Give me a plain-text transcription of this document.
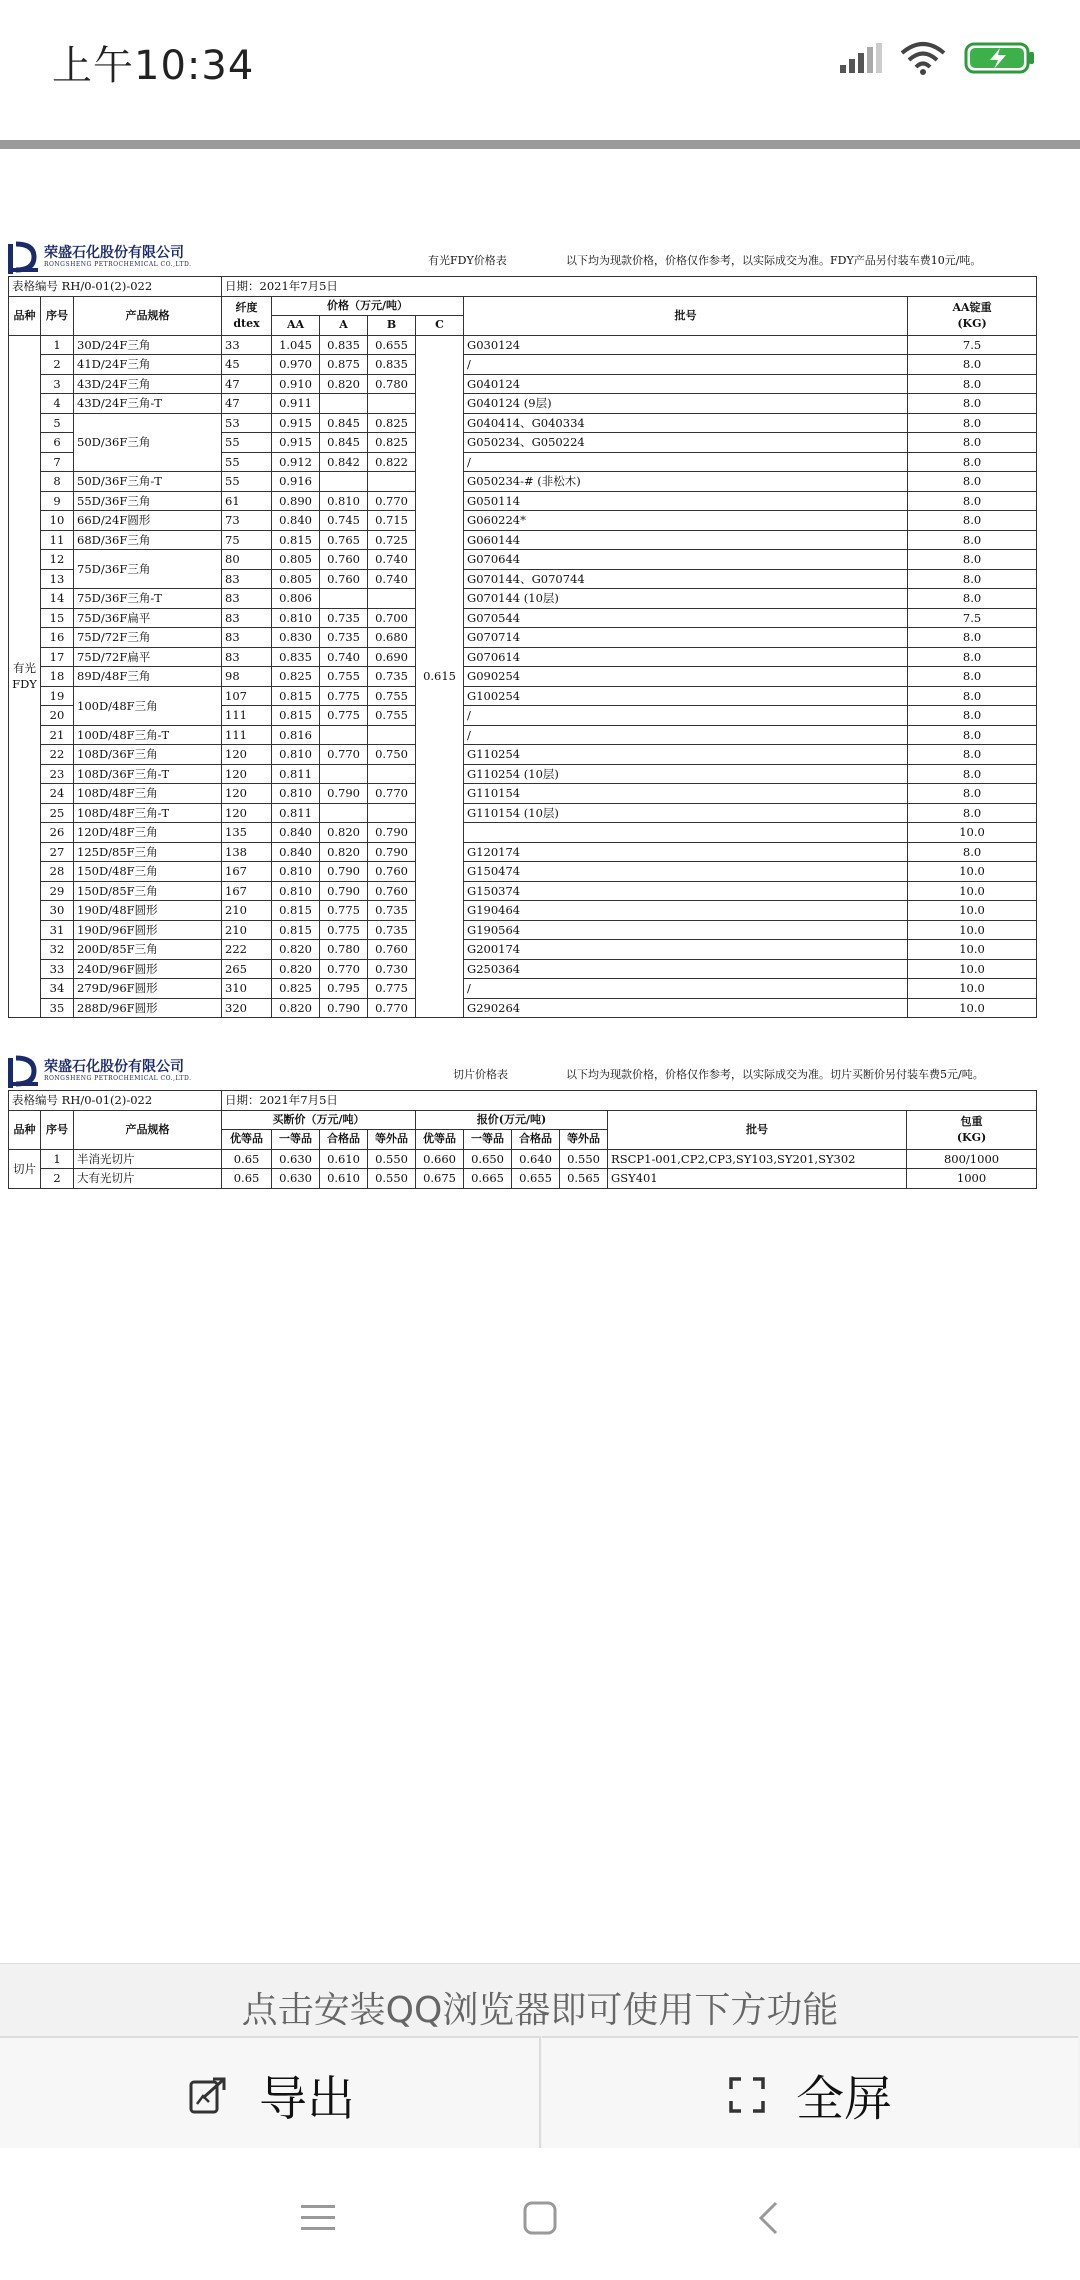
上午10:34
荣盛石化股份有限公司
RONGSHENG PETROCHEMICAL CO.,LTD.	有光FDY价格表	以下均为现款价格，价格仅作参考，以实际成交为准。FDY产品另付装车费10元/吨。
表格编号 RH/0-01(2)-022			日期：2021年7月5日						
品种	序号	产品规格	纤度
dtex	价格（万元/吨）				批号	AA锭重
(KG)
				AA	A	B	C		
有光
FDY	1	30D/24F三角	33	1.045	0.835	0.655	0.615	G030124	7.5
	2	41D/24F三角	45	0.970	0.875	0.835		/	8.0
	3	43D/24F三角	47	0.910	0.820	0.780		G040124	8.0
	4	43D/24F三角-T	47	0.911				G040124 (9层)	8.0
	5	50D/36F三角	53	0.915	0.845	0.825		G040414、G040334	8.0
	6		55	0.915	0.845	0.825		G050234、G050224	8.0
	7		55	0.912	0.842	0.822		/	8.0
	8	50D/36F三角-T	55	0.916				G050234-# (非松木)	8.0
	9	55D/36F三角	61	0.890	0.810	0.770		G050114	8.0
	10	66D/24F圆形	73	0.840	0.745	0.715		G060224*	8.0
	11	68D/36F三角	75	0.815	0.765	0.725		G060144	8.0
	12	75D/36F三角	80	0.805	0.760	0.740		G070644	8.0
	13		83	0.805	0.760	0.740		G070144、G070744	8.0
	14	75D/36F三角-T	83	0.806				G070144 (10层)	8.0
	15	75D/36F扁平	83	0.810	0.735	0.700		G070544	7.5
	16	75D/72F三角	83	0.830	0.735	0.680		G070714	8.0
	17	75D/72F扁平	83	0.835	0.740	0.690		G070614	8.0
	18	89D/48F三角	98	0.825	0.755	0.735		G090254	8.0
	19	100D/48F三角	107	0.815	0.775	0.755		G100254	8.0
	20		111	0.815	0.775	0.755		/	8.0
	21	100D/48F三角-T	111	0.816				/	8.0
	22	108D/36F三角	120	0.810	0.770	0.750		G110254	8.0
	23	108D/36F三角-T	120	0.811				G110254 (10层)	8.0
	24	108D/48F三角	120	0.810	0.790	0.770		G110154	8.0
	25	108D/48F三角-T	120	0.811				G110154 (10层)	8.0
	26	120D/48F三角	135	0.840	0.820	0.790			10.0
	27	125D/85F三角	138	0.840	0.820	0.790		G120174	8.0
	28	150D/48F三角	167	0.810	0.790	0.760		G150474	10.0
	29	150D/85F三角	167	0.810	0.790	0.760		G150374	10.0
	30	190D/48F圆形	210	0.815	0.775	0.735		G190464	10.0
	31	190D/96F圆形	210	0.815	0.775	0.735		G190564	10.0
	32	200D/85F三角	222	0.820	0.780	0.760		G200174	10.0
	33	240D/96F圆形	265	0.820	0.770	0.730		G250364	10.0
	34	279D/96F圆形	310	0.825	0.795	0.775		/	10.0
	35	288D/96F圆形	320	0.820	0.790	0.770		G290264	10.0
荣盛石化股份有限公司
RONGSHENG PETROCHEMICAL CO.,LTD.	切片价格表	以下均为现款价格，价格仅作参考，以实际成交为准。切片买断价另付装车费5元/吨。
表格编号 RH/0-01(2)-022			日期：2021年7月5日									
品种	序号	产品规格	买断价（万元/吨）				报价(万元/吨)				批号	包重
(KG)
			优等品	一等品	合格品	等外品	优等品	一等品	合格品	等外品		
切片	1	半消光切片	0.65	0.630	0.610	0.550	0.660	0.650	0.640	0.550	RSCP1-001,CP2,CP3,SY103,SY201,SY302	800/1000
	2	大有光切片	0.65	0.630	0.610	0.550	0.675	0.665	0.655	0.565	GSY401	1000
点击安装QQ浏览器即可使用下方功能
导出	全屏
